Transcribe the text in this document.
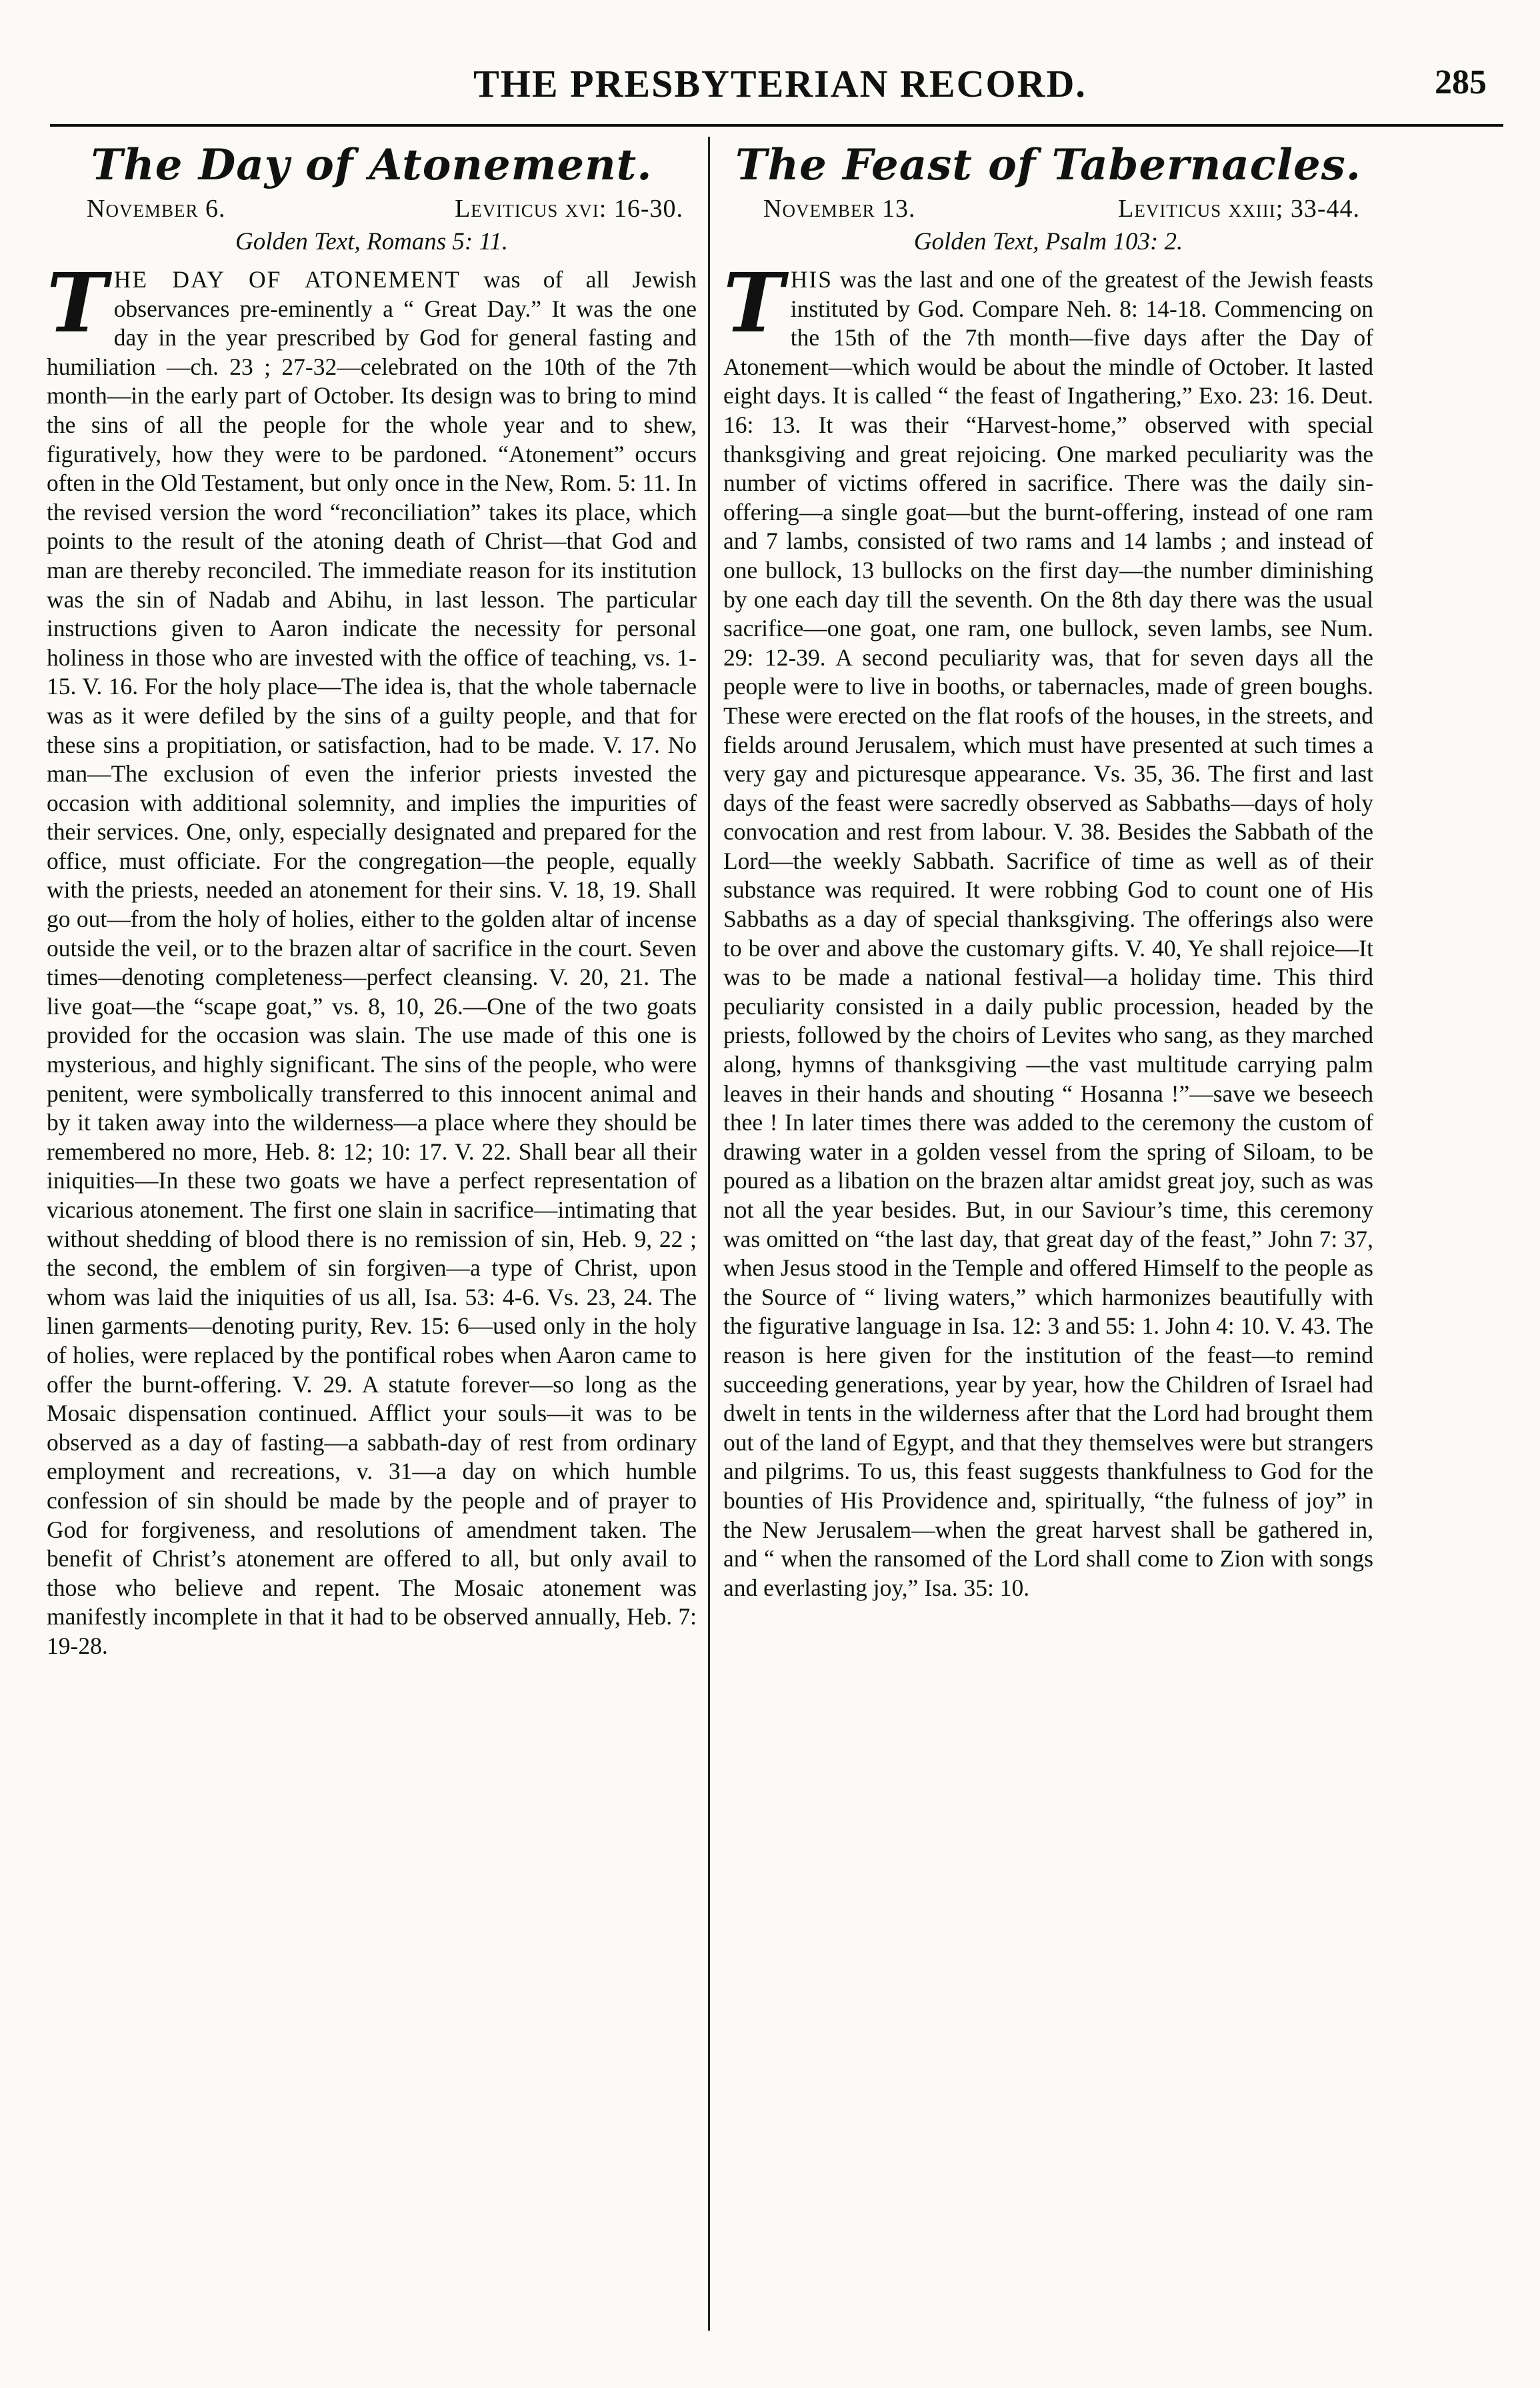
THE PRESBYTERIAN RECORD.	285
The Day of Atonement.
November 6.	Leviticus xvi: 16-30.
Golden Text, Romans 5: 11.

THE DAY OF ATONEMENT was of all Jewish observances pre-eminently a “ Great Day.” It was the one day in the year prescribed by God for general fasting and humiliation —ch. 23 ; 27-32—celebrated on the 10th of the 7th month—in the early part of October. Its design was to bring to mind the sins of all the people for the whole year and to shew, figuratively, how they were to be pardoned. “Atonement” occurs often in the Old Testament, but only once in the New, Rom. 5: 11. In the revised version the word “reconciliation” takes its place, which points to the result of the atoning death of Christ—that God and man are thereby reconciled. The immediate reason for its institution was the sin of Nadab and Abihu, in last lesson. The particular instructions given to Aaron indicate the necessity for personal holiness in those who are invested with the office of teaching, vs. 1-15. V. 16. For the holy place—The idea is, that the whole tabernacle was as it were defiled by the sins of a guilty people, and that for these sins a propitiation, or satisfaction, had to be made. V. 17. No man—The exclusion of even the inferior priests invested the occasion with additional solemnity, and implies the impurities of their services. One, only, especially designated and prepared for the office, must officiate. For the congregation—the people, equally with the priests, needed an atonement for their sins. V. 18, 19. Shall go out—from the holy of holies, either to the golden altar of incense outside the veil, or to the brazen altar of sacrifice in the court. Seven times—denoting completeness—perfect cleansing. V. 20, 21. The live goat—the “scape goat,” vs. 8, 10, 26.—One of the two goats provided for the occasion was slain. The use made of this one is mysterious, and highly significant. The sins of the people, who were penitent, were symbolically transferred to this innocent animal and by it taken away into the wilderness—a place where they should be remembered no more, Heb. 8: 12; 10: 17. V. 22. Shall bear all their iniquities—In these two goats we have a perfect representation of vicarious atonement. The first one slain in sacrifice—intimating that without shedding of blood there is no remission of sin, Heb. 9, 22 ; the second, the emblem of sin forgiven—a type of Christ, upon whom was laid the iniquities of us all, Isa. 53: 4-6. Vs. 23, 24. The linen garments—denoting purity, Rev. 15: 6—used only in the holy of holies, were replaced by the pontifical robes when Aaron came to offer the burnt-offering. V. 29. A statute forever—so long as the Mosaic dispensation continued. Afflict your souls—it was to be observed as a day of fasting—a sabbath-day of rest from ordinary employment and recreations, v. 31—a day on which humble confession of sin should be made by the people and of prayer to God for forgiveness, and resolutions of amendment taken. The benefit of Christ’s atonement are offered to all, but only avail to those who believe and repent. The Mosaic atonement was manifestly incomplete in that it had to be observed annually, Heb. 7: 19-28.

The Feast of Tabernacles.
November 13.	Leviticus xxiii; 33-44.
Golden Text, Psalm 103: 2.

THIS was the last and one of the greatest of the Jewish feasts instituted by God. Compare Neh. 8: 14-18. Commencing on the 15th of the 7th month—five days after the Day of Atonement—which would be about the mindle of October. It lasted eight days. It is called “ the feast of Ingathering,” Exo. 23: 16. Deut. 16: 13. It was their “Harvest-home,” observed with special thanksgiving and great rejoicing. One marked peculiarity was the number of victims offered in sacrifice. There was the daily sin-offering—a single goat—but the burnt-offering, instead of one ram and 7 lambs, consisted of two rams and 14 lambs ; and instead of one bullock, 13 bullocks on the first day—the number diminishing by one each day till the seventh. On the 8th day there was the usual sacrifice—one goat, one ram, one bullock, seven lambs, see Num. 29: 12-39. A second peculiarity was, that for seven days all the people were to live in booths, or tabernacles, made of green boughs. These were erected on the flat roofs of the houses, in the streets, and fields around Jerusalem, which must have presented at such times a very gay and picturesque appearance. Vs. 35, 36. The first and last days of the feast were sacredly observed as Sabbaths—days of holy convocation and rest from labour. V. 38. Besides the Sabbath of the Lord—the weekly Sabbath. Sacrifice of time as well as of their substance was required. It were robbing God to count one of His Sabbaths as a day of special thanksgiving. The offerings also were to be over and above the customary gifts. V. 40, Ye shall rejoice—It was to be made a national festival—a holiday time. This third peculiarity consisted in a daily public procession, headed by the priests, followed by the choirs of Levites who sang, as they marched along, hymns of thanksgiving —the vast multitude carrying palm leaves in their hands and shouting “ Hosanna !”—save we beseech thee ! In later times there was added to the ceremony the custom of drawing water in a golden vessel from the spring of Siloam, to be poured as a libation on the brazen altar amidst great joy, such as was not all the year besides. But, in our Saviour’s time, this ceremony was omitted on “the last day, that great day of the feast,” John 7: 37, when Jesus stood in the Temple and offered Himself to the people as the Source of “ living waters,” which harmonizes beautifully with the figurative language in Isa. 12: 3 and 55: 1. John 4: 10. V. 43. The reason is here given for the institution of the feast—to remind succeeding generations, year by year, how the Children of Israel had dwelt in tents in the wilderness after that the Lord had brought them out of the land of Egypt, and that they themselves were but strangers and pilgrims. To us, this feast suggests thankfulness to God for the bounties of His Providence and, spiritually, “the fulness of joy” in the New Jerusalem—when the great harvest shall be gathered in, and “ when the ransomed of the Lord shall come to Zion with songs and everlasting joy,” Isa. 35: 10.
